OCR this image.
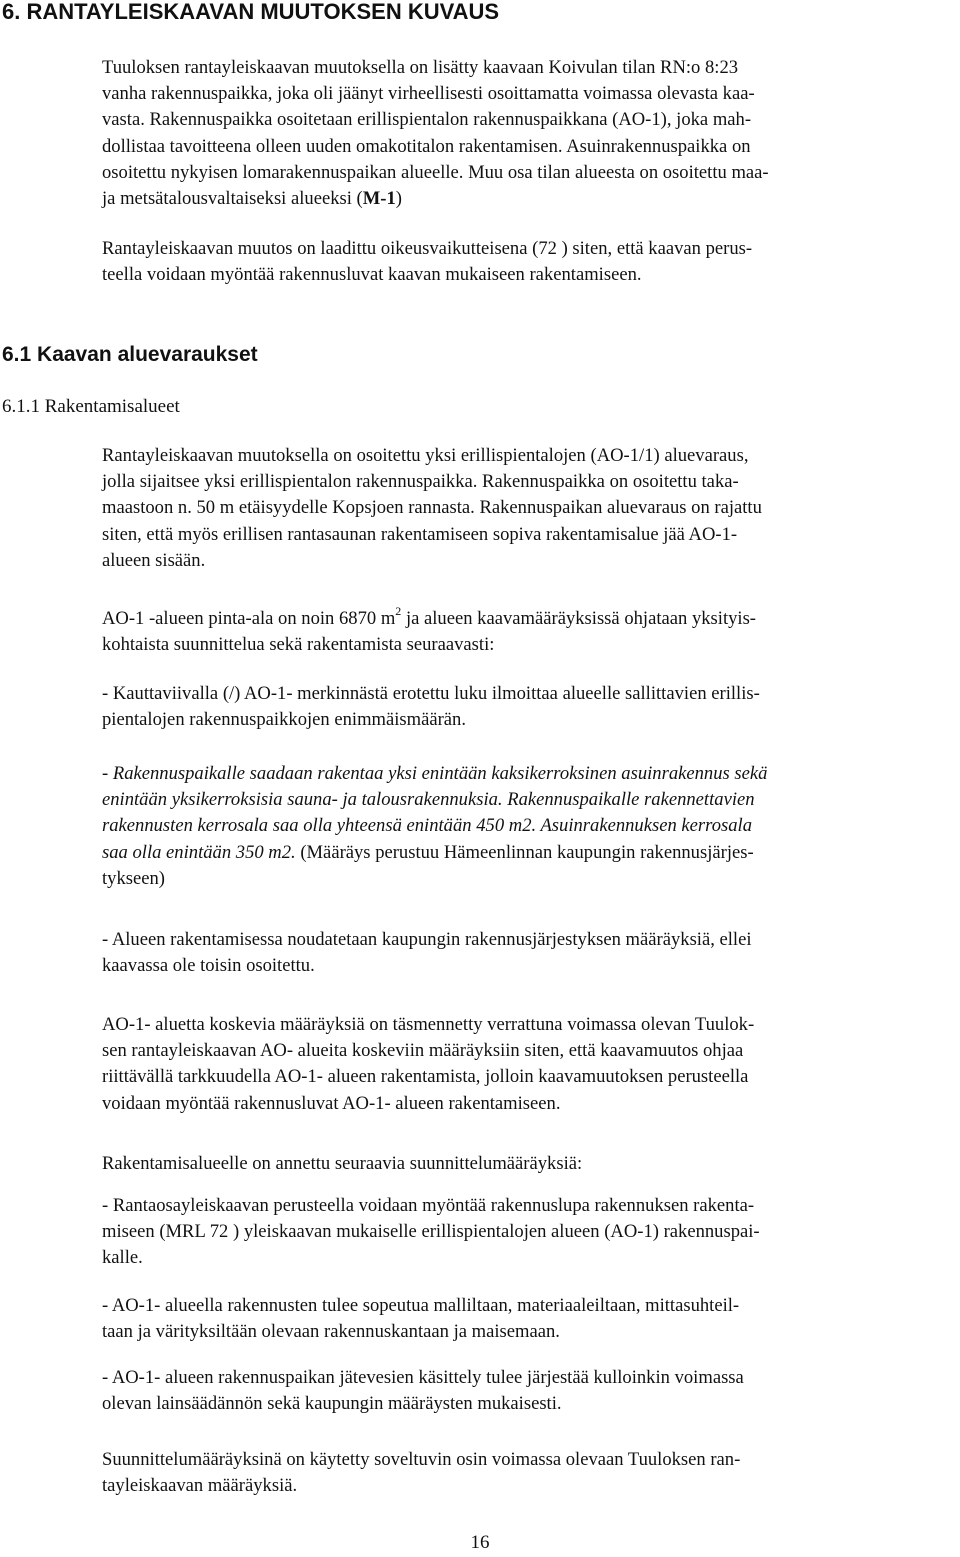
6. RANTAYLEISKAAVAN MUUTOKSEN KUVAUS

Tuuloksen rantayleiskaavan muutoksella on lisätty kaavaan Koivulan tilan RN:o 8:23
vanha rakennuspaikka, joka oli jäänyt virheellisesti osoittamatta voimassa olevasta kaa-
vasta. Rakennuspaikka osoitetaan erillispientalon rakennuspaikkana (AO-1), joka mah-
dollistaa tavoitteena olleen uuden omakotitalon rakentamisen. Asuinrakennuspaikka on
osoitettu nykyisen lomarakennuspaikan alueelle. Muu osa tilan alueesta on osoitettu maa-
ja metsätalousvaltaiseksi alueeksi (M-1)

Rantayleiskaavan muutos on laadittu oikeusvaikutteisena (72 ) siten, että kaavan perus-
teella voidaan myöntää rakennusluvat kaavan mukaiseen rakentamiseen.

6.1 Kaavan aluevaraukset
6.1.1 Rakentamisalueet

Rantayleiskaavan muutoksella on osoitettu yksi erillispientalojen (AO-1/1) aluevaraus,
jolla sijaitsee yksi erillispientalon rakennuspaikka. Rakennuspaikka on osoitettu taka-
maastoon n. 50 m etäisyydelle Kopsjoen rannasta. Rakennuspaikan aluevaraus on rajattu
siten, että myös erillisen rantasaunan rakentamiseen sopiva rakentamisalue jää AO-1-
alueen sisään.

AO-1 -alueen pinta-ala on noin 6870 $m^2$ ja alueen kaavamääräyksissä ohjataan yksityis-
kohtaista suunnittelua sekä rakentamista seuraavasti:

- Kauttaviivalla (/) AO-1- merkinnästä erotettu luku ilmoittaa alueelle sallittavien erillis-
pientalojen rakennuspaikkojen enimmäismäärän.

- Rakennuspaikalle saadaan rakentaa yksi enintään kaksikerroksinen asuinrakennus sekä
enintään yksikerroksisia sauna- ja talousrakennuksia. Rakennuspaikalle rakennettavien
rakennusten kerrosala saa olla yhteensä enintään 450 m2. Asuinrakennuksen kerrosala
saa olla enintään 350 m2. (Määräys perustuu Hämeenlinnan kaupungin rakennusjärjes-
tykseen)

- Alueen rakentamisessa noudatetaan kaupungin rakennusjärjestyksen määräyksiä, ellei
kaavassa ole toisin osoitettu.

AO-1- aluetta koskevia määräyksiä on täsmennetty verrattuna voimassa olevan Tuulok-
sen rantayleiskaavan AO- alueita koskeviin määräyksiin siten, että kaavamuutos ohjaa
riittävällä tarkkuudella AO-1- alueen rakentamista, jolloin kaavamuutoksen perusteella
voidaan myöntää rakennusluvat AO-1- alueen rakentamiseen.

Rakentamisalueelle on annettu seuraavia suunnittelumääräyksiä:

- Rantaosayleiskaavan perusteella voidaan myöntää rakennuslupa rakennuksen rakenta-
miseen (MRL 72 ) yleiskaavan mukaiselle erillispientalojen alueen (AO-1) rakennuspai-
kalle.

- AO-1- alueella rakennusten tulee sopeutua malliltaan, materiaaleiltaan, mittasuhteil-
taan ja värityksiltään olevaan rakennuskantaan ja maisemaan.

- AO-1- alueen rakennuspaikan jätevesien käsittely tulee järjestää kulloinkin voimassa
olevan lainsäädännön sekä kaupungin määräysten mukaisesti.

Suunnittelumääräyksinä on käytetty soveltuvin osin voimassa olevaan Tuuloksen ran-
tayleiskaavan määräyksiä.

16
